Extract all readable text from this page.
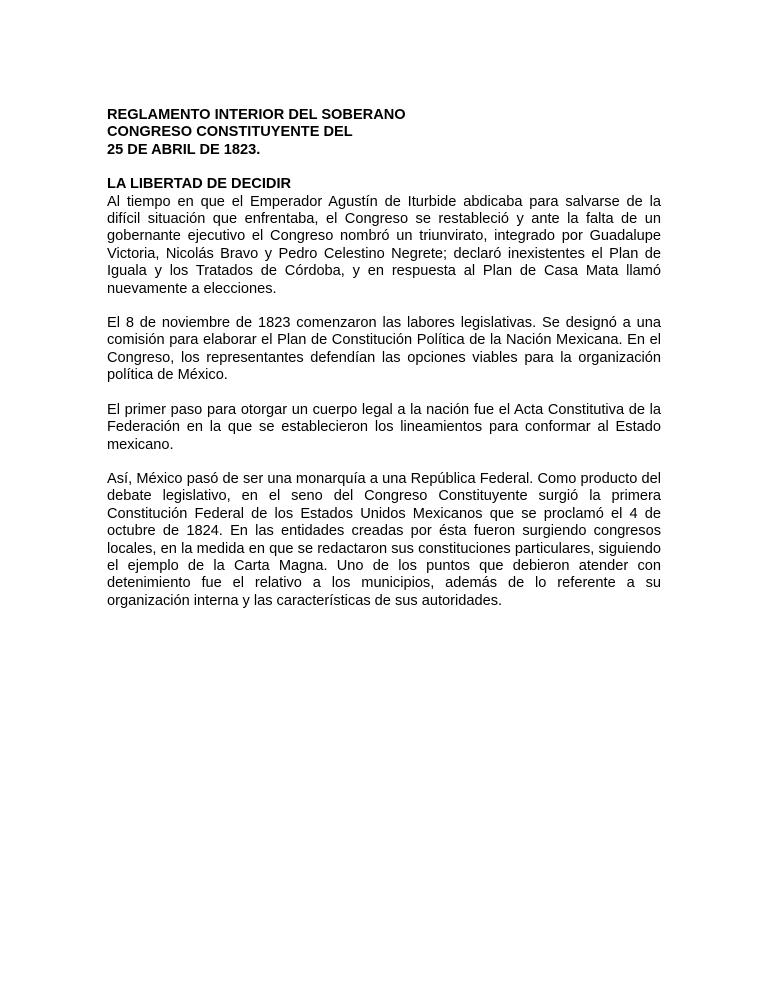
REGLAMENTO INTERIOR DEL SOBERANO
CONGRESO CONSTITUYENTE DEL
25 DE ABRIL DE 1823.
LA LIBERTAD DE DECIDIR

Al tiempo en que el Emperador Agustín de Iturbide abdicaba para salvarse de la difícil situación que enfrentaba, el Congreso se restableció y ante la falta de un gobernante ejecutivo el Congreso nombró un triunvirato, integrado por Guadalupe Victoria, Nicolás Bravo y Pedro Celestino Negrete; declaró inexistentes el Plan de Iguala y los Tratados de Córdoba, y en respuesta al Plan de Casa Mata llamó nuevamente a elecciones.

El 8 de noviembre de 1823 comenzaron las labores legislativas. Se designó a una comisión para elaborar el Plan de Constitución Política de la Nación Mexicana. En el Congreso, los representantes defendían las opciones viables para la organización política de México.

El primer paso para otorgar un cuerpo legal a la nación fue el Acta Constitutiva de la Federación en la que se establecieron los lineamientos para conformar al Estado mexicano.

Así, México pasó de ser una monarquía a una República Federal. Como producto del debate legislativo, en el seno del Congreso Constituyente surgió la primera Constitución Federal de los Estados Unidos Mexicanos que se proclamó el 4 de octubre de 1824. En las entidades creadas por ésta fueron surgiendo congresos locales, en la medida en que se redactaron sus constituciones particulares, siguiendo el ejemplo de la Carta Magna. Uno de los puntos que debieron atender con detenimiento fue el relativo a los municipios, además de lo referente a su organización interna y las características de sus autoridades.
